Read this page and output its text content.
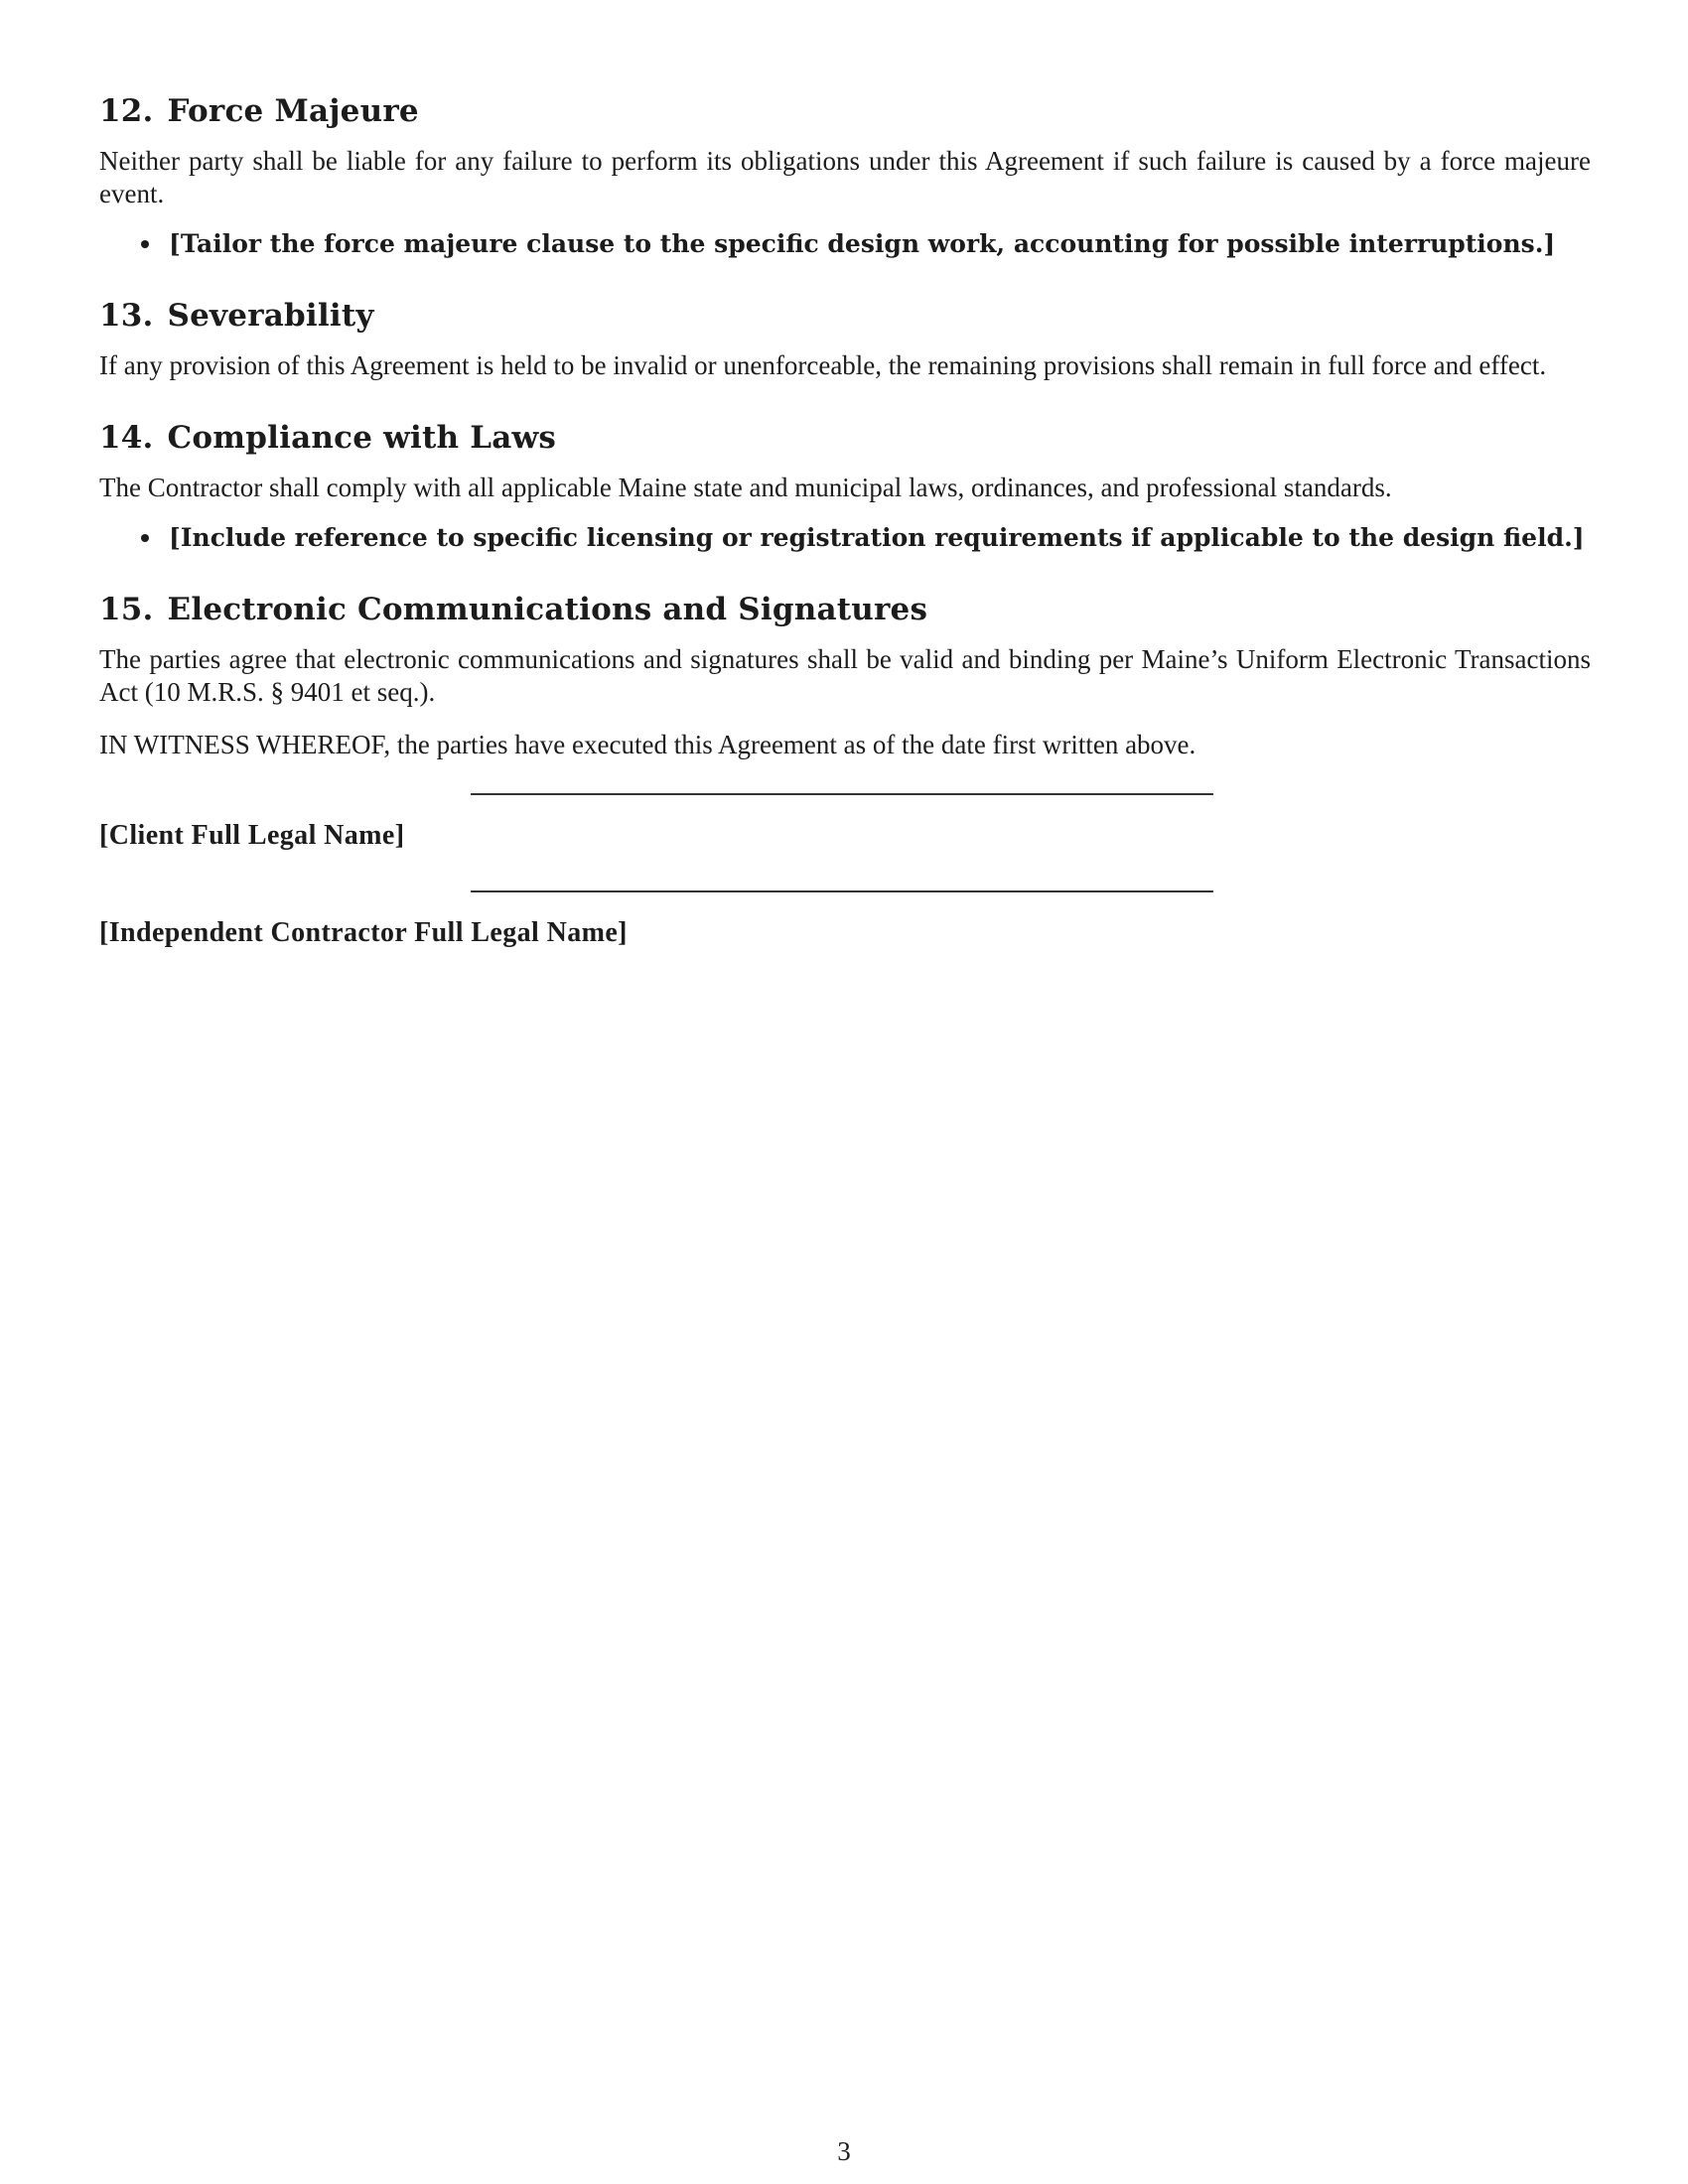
12. Force Majeure

Neither party shall be liable for any failure to perform its obligations under this Agreement if such failure is caused by a force majeure event.

[Tailor the force majeure clause to the specific design work, accounting for possible interruptions.]
13. Severability

If any provision of this Agreement is held to be invalid or unenforceable, the remaining provisions shall remain in full force and effect.

14. Compliance with Laws

The Contractor shall comply with all applicable Maine state and municipal laws, ordinances, and professional standards.

[Include reference to specific licensing or registration requirements if applicable to the design field.]
15. Electronic Communications and Signatures

The parties agree that electronic communications and signatures shall be valid and binding per Maine’s Uniform Electronic Transactions Act (10 M.R.S. § 9401 et seq.).

IN WITNESS WHEREOF, the parties have executed this Agreement as of the date first written above.

[Client Full Legal Name]
[Independent Contractor Full Legal Name]
3
